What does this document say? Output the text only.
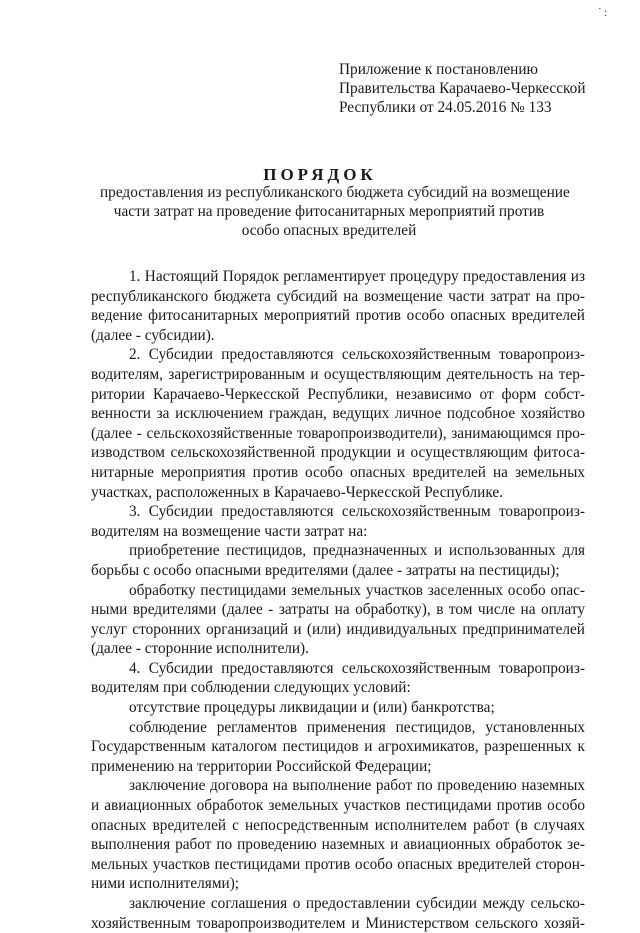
· .
·
Приложение к постановлению
Правительства Карачаево-Черкесской
Республики от 24.05.2016 № 133
ПОРЯДОК
предоставления из республиканского бюджета субсидий на возмещение
части затрат на проведение фитосанитарных мероприятий против
особо опасных вредителей
1. Настоящий Порядок регламентирует процедуру предоставления из
республиканского бюджета субсидий на возмещение части затрат на про-
ведение фитосанитарных мероприятий против особо опасных вредителей
(далее - субсидии).
2. Субсидии предоставляются сельскохозяйственным товаропроиз-
водителям, зарегистрированным и осуществляющим деятельность на тер-
ритории Карачаево-Черкесской Республики, независимо от форм собст-
венности за исключением граждан, ведущих личное подсобное хозяйство
(далее - сельскохозяйственные товаропроизводители), занимающимся про-
изводством сельскохозяйственной продукции и осуществляющим фитоса-
нитарные мероприятия против особо опасных вредителей на земельных
участках, расположенных в Карачаево-Черкесской Республике.
3. Субсидии предоставляются сельскохозяйственным товаропроиз-
водителям на возмещение части затрат на:
приобретение пестицидов, предназначенных и использованных для
борьбы с особо опасными вредителями (далее - затраты на пестициды);
обработку пестицидами земельных участков заселенных особо опас-
ными вредителями (далее - затраты на обработку), в том числе на оплату
услуг сторонних организаций и (или) индивидуальных предпринимателей
(далее - сторонние исполнители).
4. Субсидии предоставляются сельскохозяйственным товаропроиз-
водителям при соблюдении следующих условий:
отсутствие процедуры ликвидации и (или) банкротства;
соблюдение регламентов применения пестицидов, установленных
Государственным каталогом пестицидов и агрохимикатов, разрешенных к
применению на территории Российской Федерации;
заключение договора на выполнение работ по проведению наземных
и авиационных обработок земельных участков пестицидами против особо
опасных вредителей с непосредственным исполнителем работ (в случаях
выполнения работ по проведению наземных и авиационных обработок зе-
мельных участков пестицидами против особо опасных вредителей сторон-
ними исполнителями);
заключение соглашения о предоставлении субсидии между сельско-
хозяйственным товаропроизводителем и Министерством сельского хозяй-
